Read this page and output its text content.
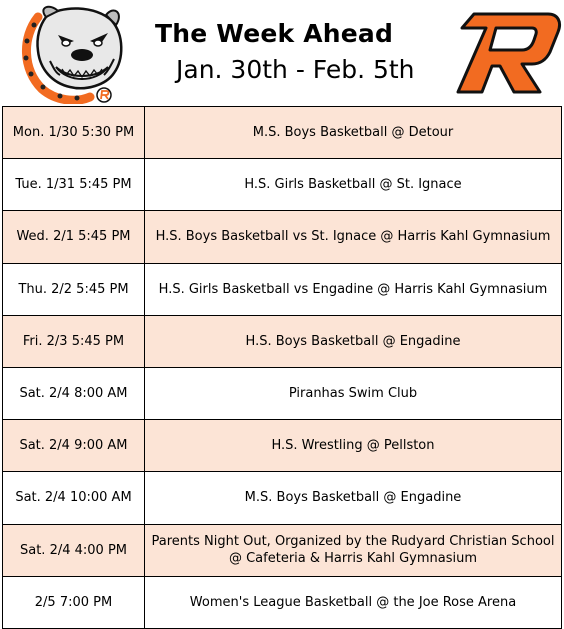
The Week Ahead
Jan. 30th - Feb. 5th
Mon. 1/30 5:30 PM	M.S. Boys Basketball @ Detour
Tue. 1/31 5:45 PM	H.S. Girls Basketball @ St. Ignace
Wed. 2/1 5:45 PM	H.S. Boys Basketball vs St. Ignace @ Harris Kahl Gymnasium
Thu. 2/2 5:45 PM	H.S. Girls Basketball vs Engadine @ Harris Kahl Gymnasium
Fri. 2/3 5:45 PM	H.S. Boys Basketball @ Engadine
Sat. 2/4 8:00 AM	Piranhas Swim Club
Sat. 2/4 9:00 AM	H.S. Wrestling @ Pellston
Sat. 2/4 10:00 AM	M.S. Boys Basketball @ Engadine
Sat. 2/4 4:00 PM	Parents Night Out, Organized by the Rudyard Christian School @ Cafeteria & Harris Kahl Gymnasium
2/5 7:00 PM	Women's League Basketball @ the Joe Rose Arena
